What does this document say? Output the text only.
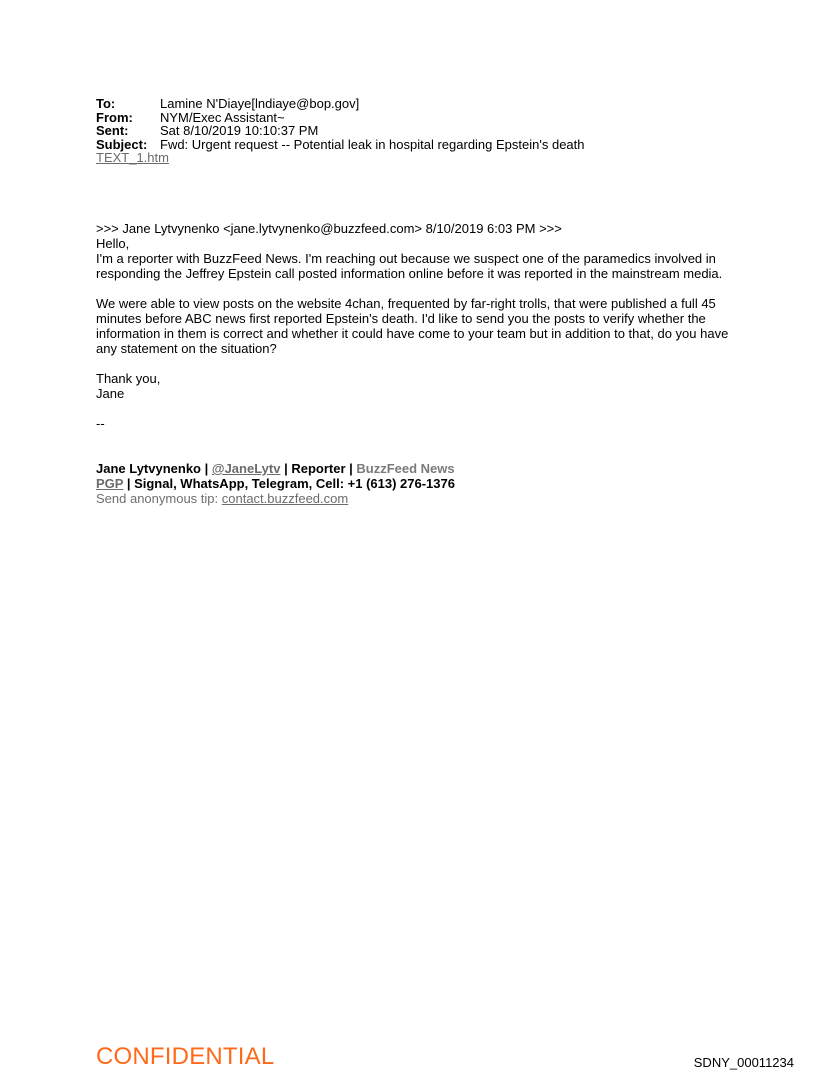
To:	Lamine N'Diaye[lndiaye@bop.gov]
From:	NYM/Exec Assistant~
Sent:	Sat 8/10/2019 10:10:37 PM
Subject: Fwd: Urgent request -- Potential leak in hospital regarding Epstein's death
TEXT_1.htm

>>> Jane Lytvynenko <jane.lytvynenko@buzzfeed.com> 8/10/2019 6:03 PM >>>

Hello,

I'm a reporter with BuzzFeed News. I'm reaching out because we suspect one of the paramedics involved in responding the Jeffrey Epstein call posted information online before it was reported in the mainstream media.

We were able to view posts on the website 4chan, frequented by far-right trolls, that were published a full 45 minutes before ABC news first reported Epstein's death. I'd like to send you the posts to verify whether the information in them is correct and whether it could have come to your team but in addition to that, do you have any statement on the situation?

Thank you,

Jane

--

Jane Lytvynenko | @JaneLytv | Reporter | BuzzFeed News

PGP | Signal, WhatsApp, Telegram, Cell: +1 (613) 276-1376

Send anonymous tip: contact.buzzfeed.com

CONFIDENTIAL	SDNY_00011234
